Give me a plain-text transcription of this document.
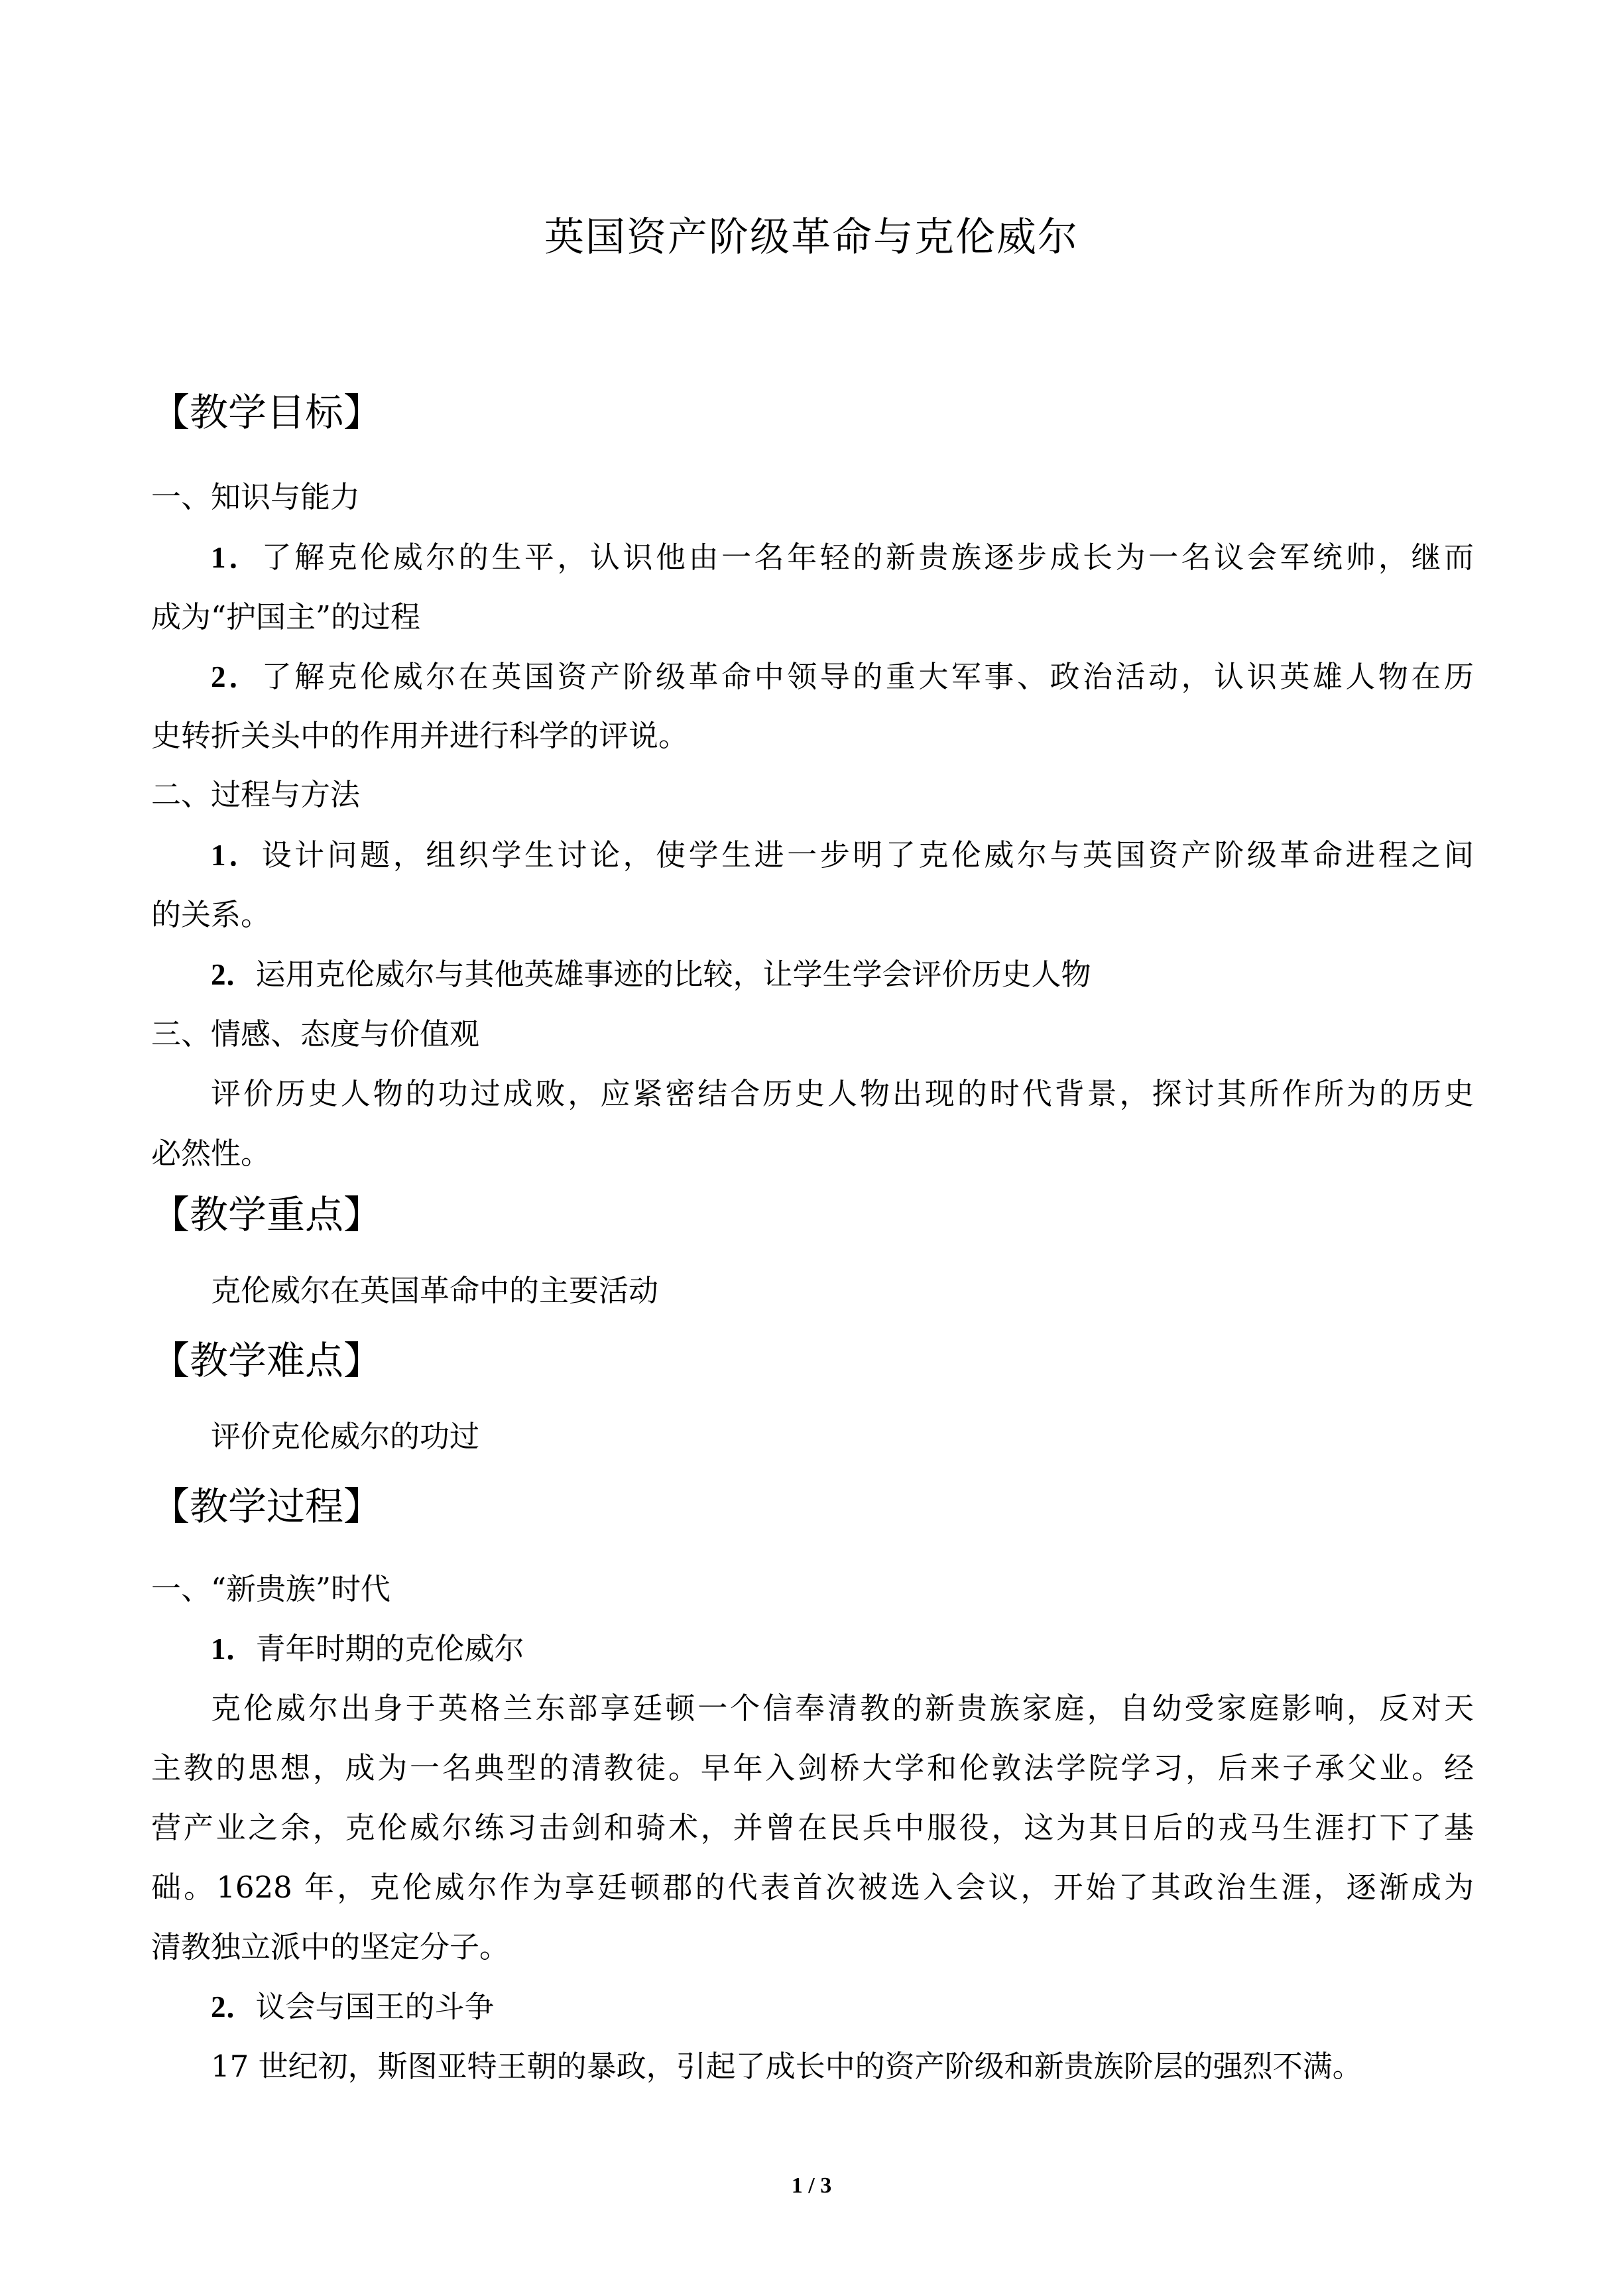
英国资产阶级革命与克伦威尔
【教学目标】
一、知识与能力
1．了解克伦威尔的生平，认识他由一名年轻的新贵族逐步成长为一名议会军统帅，继而
成为“护国主”的过程
2．了解克伦威尔在英国资产阶级革命中领导的重大军事、政治活动，认识英雄人物在历
史转折关头中的作用并进行科学的评说。
二、过程与方法
1．设计问题，组织学生讨论，使学生进一步明了克伦威尔与英国资产阶级革命进程之间
的关系。
2．运用克伦威尔与其他英雄事迹的比较，让学生学会评价历史人物
三、情感、态度与价值观
评价历史人物的功过成败，应紧密结合历史人物出现的时代背景，探讨其所作所为的历史
必然性。
【教学重点】
克伦威尔在英国革命中的主要活动
【教学难点】
评价克伦威尔的功过
【教学过程】
一、“新贵族”时代
1．青年时期的克伦威尔
克伦威尔出身于英格兰东部享廷顿一个信奉清教的新贵族家庭，自幼受家庭影响，反对天
主教的思想，成为一名典型的清教徒。早年入剑桥大学和伦敦法学院学习，后来子承父业。经
营产业之余，克伦威尔练习击剑和骑术，并曾在民兵中服役，这为其日后的戎马生涯打下了基
础。1628 年，克伦威尔作为享廷顿郡的代表首次被选入会议，开始了其政治生涯，逐渐成为
清教独立派中的坚定分子。
2．议会与国王的斗争
17 世纪初，斯图亚特王朝的暴政，引起了成长中的资产阶级和新贵族阶层的强烈不满。
1 / 3
